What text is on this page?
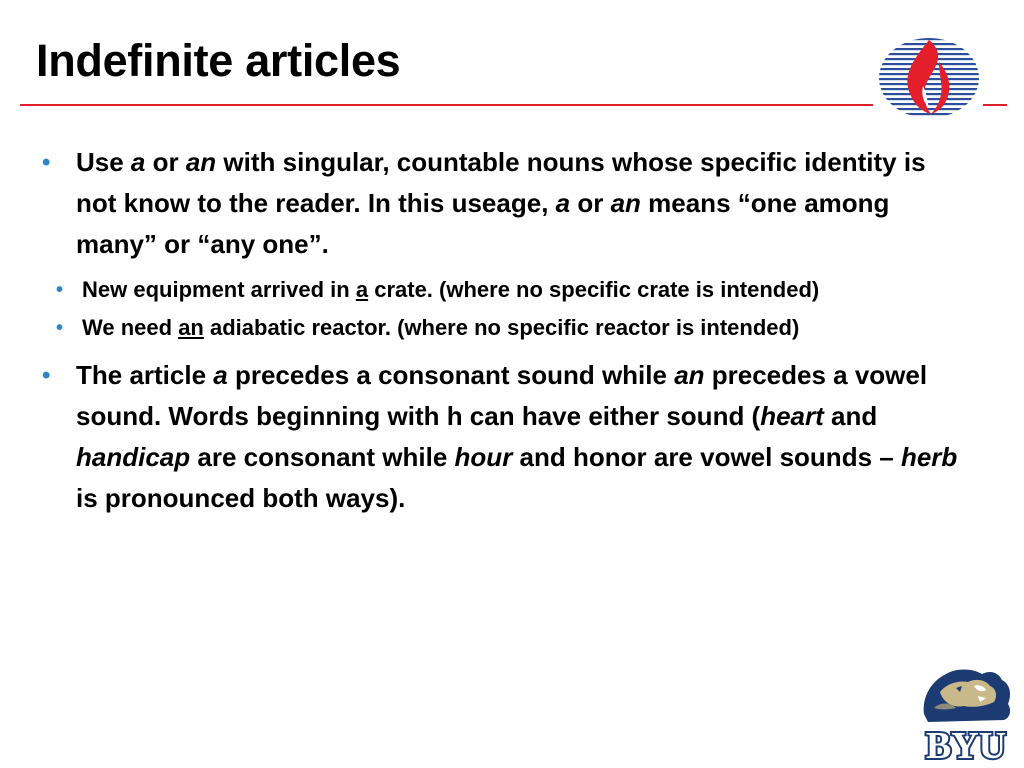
Indefinite articles

• Use a or an with singular, countable nouns whose specific identity is not know to the reader. In this useage, a or an means “one among many” or “any one”.

• New equipment arrived in a crate. (where no specific crate is intended)

• We need an adiabatic reactor. (where no specific reactor is intended)

• The article a precedes a consonant sound while an precedes a vowel sound. Words beginning with h can have either sound (heart and handicap are consonant while hour and honor are vowel sounds – herb is pronounced both ways).

BYU
